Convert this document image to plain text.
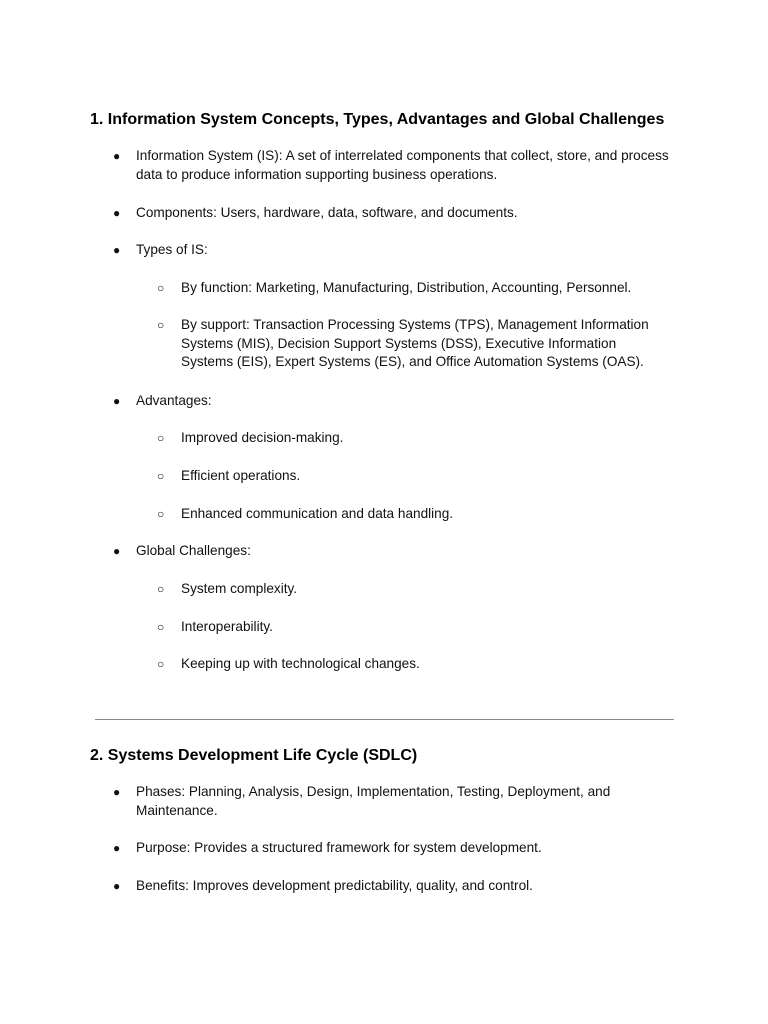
1. Information System Concepts, Types, Advantages and Global Challenges
● Information System (IS): A set of interrelated components that collect, store, and process data to produce information supporting business operations.
● Components: Users, hardware, data, software, and documents.
● Types of IS:
○ By function: Marketing, Manufacturing, Distribution, Accounting, Personnel.
○ By support: Transaction Processing Systems (TPS), Management Information Systems (MIS), Decision Support Systems (DSS), Executive Information Systems (EIS), Expert Systems (ES), and Office Automation Systems (OAS).
● Advantages:
○ Improved decision-making.
○ Efficient operations.
○ Enhanced communication and data handling.
● Global Challenges:
○ System complexity.
○ Interoperability.
○ Keeping up with technological changes.
2. Systems Development Life Cycle (SDLC)
● Phases: Planning, Analysis, Design, Implementation, Testing, Deployment, and Maintenance.
● Purpose: Provides a structured framework for system development.
● Benefits: Improves development predictability, quality, and control.
